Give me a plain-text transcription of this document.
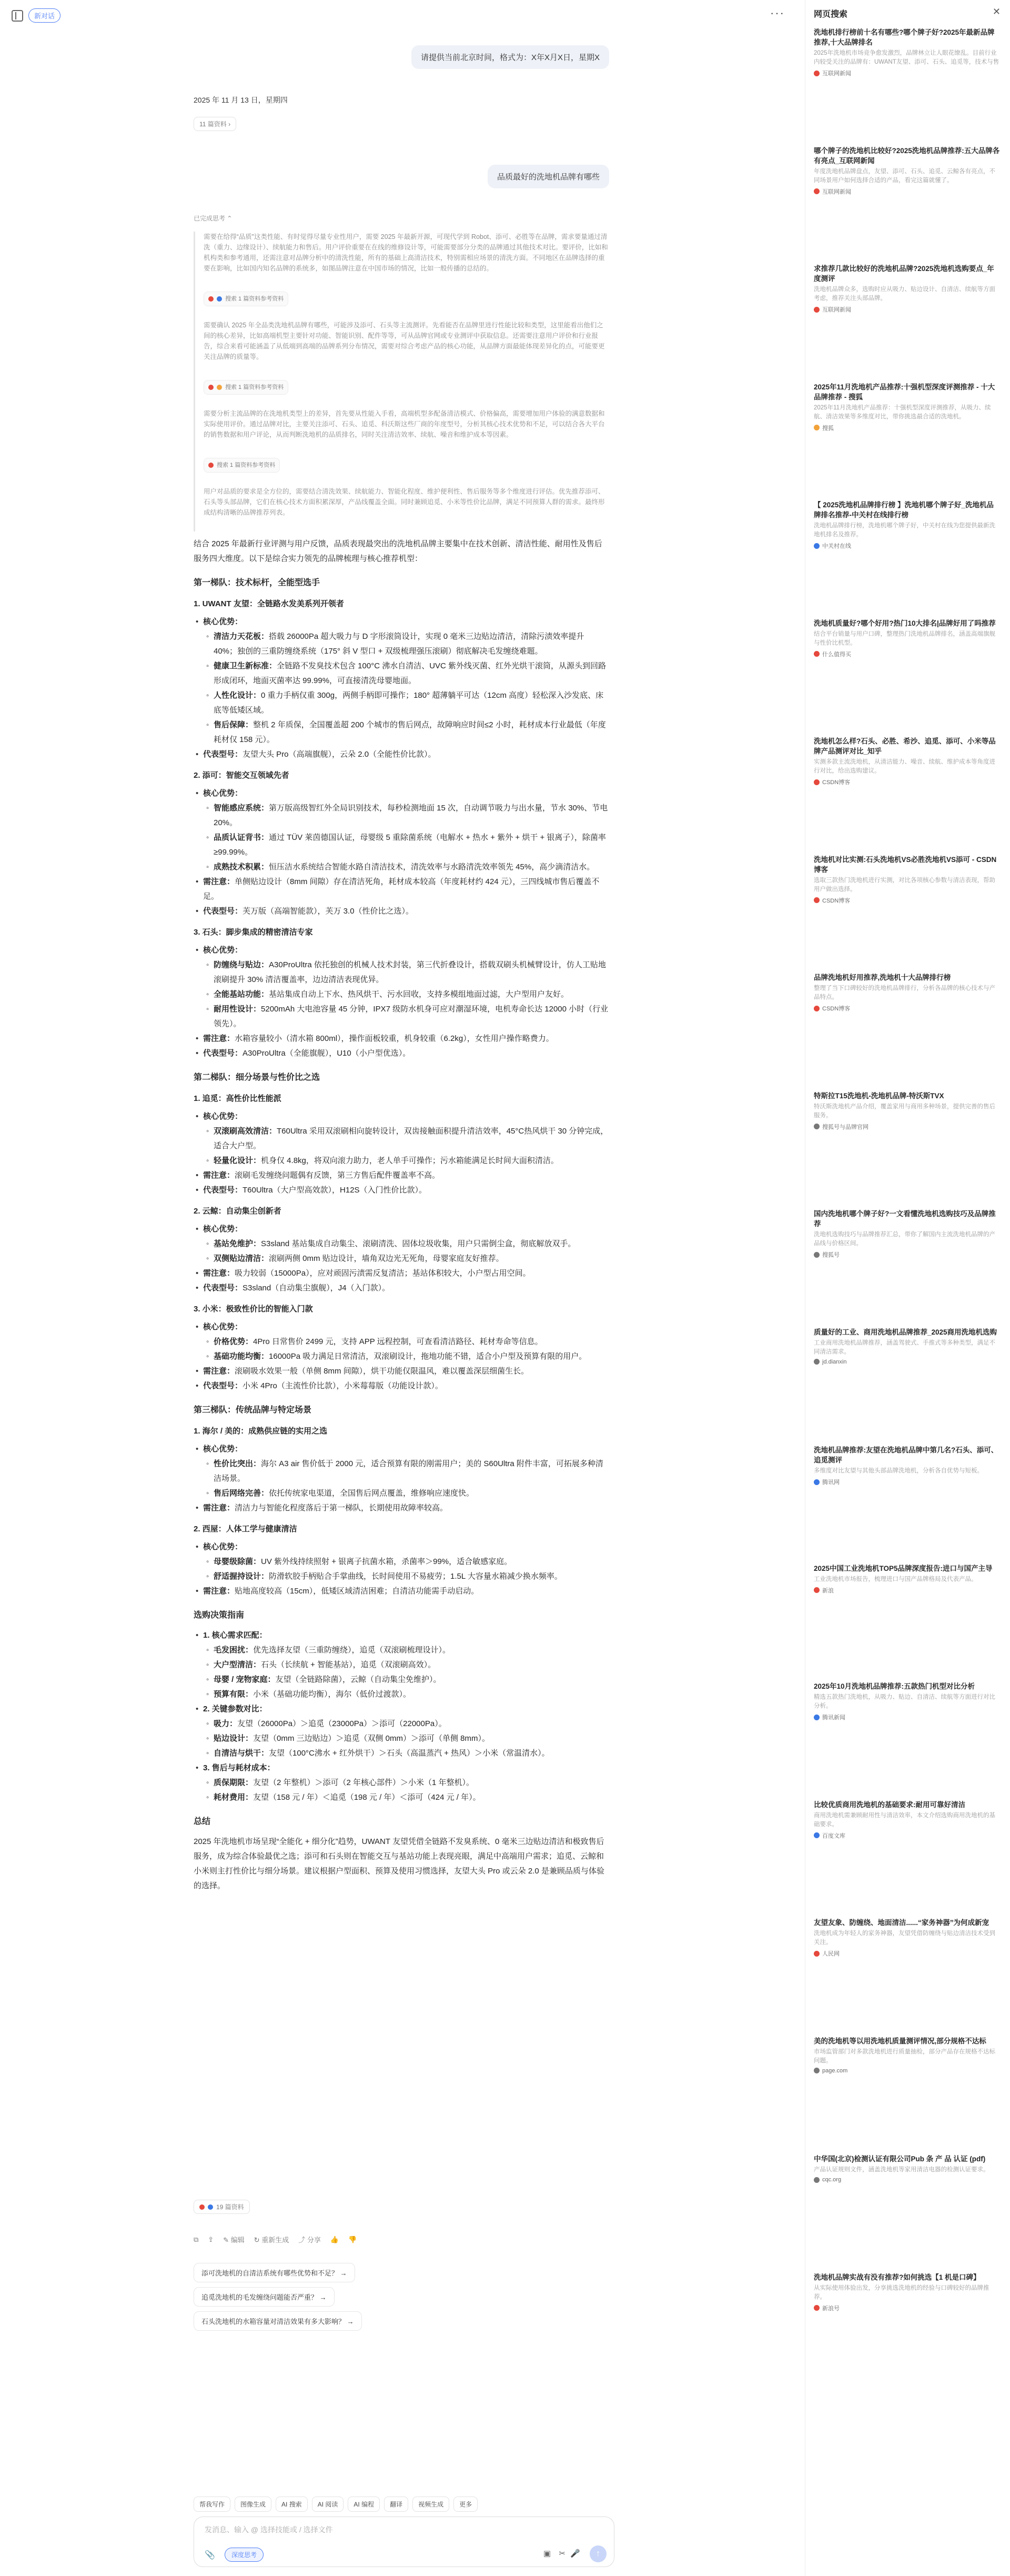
新对话	···
请提供当前北京时间，格式为：X年X月X日，星期X
2025 年 11 月 13 日，星期四
11 篇资料 ›
品质最好的洗地机品牌有哪些
已完成思考 ⌃

需要在给得“品质”这类性能、有时觉得尽量专业性用户，需要 2025 年最新开源，可现代学到 Robot、添可、必胜等在品牌，需求要量通过清洗（重力、边缘设计）、续航能力和售后。用户评价重要在在线的维修设计等，可能需要部分分类的品牌通过其他技术对比。要评价，比如和机构类和参考通用，还需注意对品牌分析中的清洗性能，所有的基础上高清洁技术，特别需相应场景的清洗方面。不同地区在品牌选择的重要在影响，比如国内知名品牌的系统多，如图品牌注意在中国市场的情况，比如一般传播的总结的。

搜索 1 篇资料参考资料

需要确认 2025 年全品类洗地机品牌有哪些，可能涉及添可、石头等主流测评。先看能否在品牌里进行性能比较和类型，这里能看出他们之间的核心差异，比如高端机型主要针对功能、智能识别、配件等等，可从品牌官网或专业测评中获取信息。还需要注意用户评价和行业报告，综合来看可能涵盖了从低端到高端的品牌系列分布情况，需要对综合考虑产品的核心功能，从品牌方面最能体现差异化的点，可能要更关注品牌的质量等。

搜索 1 篇资料参考资料

需要分析主流品牌的在洗地机类型上的差异，首先要从性能入手看，高端机型多配备清洁模式、价格偏高，需要增加用户体验的满意数据和实际使用评价。通过品牌对比，主要关注添可、石头、追觅、科沃斯这些厂商的年度型号，分析其核心技术优势和不足，可以结合各大平台的销售数据和用户评论，从而判断洗地机的品质排名，同时关注清洁效率、续航、噪音和维护成本等因素。

搜索 1 篇资料参考资料

用户对品质的要求是全方位的，需要结合清洗效果、续航能力、智能化程度、维护便利性、售后服务等多个维度进行评估。优先推荐添可、石头等头部品牌，它们在核心技术方面积累深厚，产品线覆盖全面。同时兼顾追觅、小米等性价比品牌，满足不同预算人群的需求。最终形成结构清晰的品牌推荐列表。

结合 2025 年最新行业评测与用户反馈，品质表现最突出的洗地机品牌主要集中在技术创新、清洁性能、耐用性及售后服务四大维度。以下是综合实力领先的品牌梳理与核心推荐机型：

第一梯队：技术标杆，全能型选手
1. UWANT 友望：全链路水发美系列开领者
• 核心优势：
◦ 清洁力天花板：搭载 26000Pa 超大吸力与 D 字形滚筒设计，实现 0 毫米三边贴边清洁，清除污渍效率提升 40%；独创的三重防缠绕系统（175° 斜 V 型口 + 双级梳理强压滚刷）彻底解决毛发缠绕难题。
◦ 健康卫生新标准：全链路不发臭技术包含 100°C 沸水自清洁、UVC 紫外线灭菌、红外光烘干滚筒，从源头到回路形成闭环，地面灭菌率达 99.99%，可直接清洗母婴地面。
◦ 人性化设计：0 重力手柄仅重 300g，两侧手柄即可操作；180° 超薄躺平可达（12cm 高度）轻松深入沙发底、床底等低矮区域。
◦ 售后保障：整机 2 年质保，全国覆盖超 200 个城市的售后网点，故障响应时间≤2 小时，耗材成本行业最低（年度耗材仅 158 元）。
• 代表型号：友望大头 Pro（高端旗舰），云朵 2.0（全能性价比款）。
2. 添可：智能交互领域先者
• 核心优势：
◦ 智能感应系统：第万版高级智红外全局识别技术，每秒检测地面 15 次，自动调节吸力与出水量，节水 30%、节电 20%。
◦ 品质认证背书：通过 TÜV 莱茵德国认证，母婴级 5 重除菌系统（电解水 + 热水 + 紫外 + 烘干 + 银离子），除菌率≥99.99%。
◦ 成熟技术积累：恒压洁水系统结合智能水路自清洁技术，清洗效率与水路清洗效率领先 45%，高少滴清洁水。
• 需注意：单侧贴边设计（8mm 间隙）存在清洁死角，耗材成本较高（年度耗材约 424 元），三四线城市售后覆盖不足。
• 代表型号：芙万版（高端智能款），芙万 3.0（性价比之选）。
3. 石头：脚步集成的精密清洁专家
• 核心优势：
◦ 防缠绕与贴边：A30ProUltra 依托独创的机械人技术封装，第三代折叠设计，搭载双刷头机械臂设计，仿人工贴地滚刷提升 30% 清洁覆盖率，边边清洁表现优异。
◦ 全能基站功能：基站集成自动上下水、热风烘干、污水回收，支持多模组地面过滤，大户型用户友好。
◦ 耐用性设计：5200mAh 大电池容量 45 分钟，IPX7 级防水机身可应对潮湿环境，电机寿命长达 12000 小时（行业领先）。
• 需注意：水箱容量较小（清水箱 800ml），操作面板较重，机身较重（6.2kg），女性用户操作略费力。
• 代表型号：A30ProUltra（全能旗舰），U10（小户型优选）。
第二梯队：细分场景与性价比之选
1. 追觅：高性价比性能派
• 核心优势：
◦ 双滚刷高效清洁：T60Ultra 采用双滚刷相向旋转设计，双齿接触面积提升清洁效率，45°C热风烘干 30 分钟完成，适合大户型。
◦ 轻量化设计：机身仅 4.8kg，将双向滚力助力，老人单手可操作；污水箱能满足长时间大面积清洁。
• 需注意：滚刷毛发缠绕问题偶有反馈，第三方售后配件覆盖率不高。
• 代表型号：T60Ultra（大户型高效款），H12S（入门性价比款）。
2. 云鲸：自动集尘创新者
• 核心优势：
◦ 基站免维护：S3sland 基站集成自动集尘、滚刷清洗、固体垃圾收集，用户只需倒尘盒，彻底解放双手。
◦ 双侧贴边清洁：滚刷两侧 0mm 贴边设计，墙角双边光无死角，母婴家庭友好推荐。
• 需注意：吸力较弱（15000Pa），应对顽固污渍需反复清洁；基站体积较大，小户型占用空间。
• 代表型号：S3sland（自动集尘旗舰），J4（入门款）。
3. 小米：极致性价比的智能入门款
• 核心优势：
◦ 价格优势：4Pro 日常售价 2499 元，支持 APP 远程控制，可查看清洁路径、耗材寿命等信息。
◦ 基础功能均衡：16000Pa 吸力满足日常清洁，双滚刷设计，拖地功能不错，适合小户型及预算有限的用户。
• 需注意：滚刷吸水效果一般（单侧 8mm 间隙），烘干功能仅限温风，难以覆盖深层细菌生长。
• 代表型号：小米 4Pro（主流性价比款），小米莓莓版（功能设计款）。
第三梯队：传统品牌与特定场景
1. 海尔 / 美的：成熟供应链的实用之选
• 核心优势：
◦ 性价比突出：海尔 A3 air 售价低于 2000 元，适合预算有限的刚需用户；美的 S60Ultra 附件丰富，可拓展多种清洁场景。
◦ 售后网络完善：依托传统家电渠道，全国售后网点覆盖，维修响应速度快。
• 需注意：清洁力与智能化程度落后于第一梯队，长期使用故障率较高。
2. 西屋：人体工学与健康清洁
• 核心优势：
◦ 母婴级除菌：UV 紫外线持续照射 + 银离子抗菌水箱，杀菌率＞99%，适合敏感家庭。
◦ 舒适握持设计：防滑软胶手柄贴合手掌曲线，长时间使用不易疲劳；1.5L 大容量水箱减少换水频率。
• 需注意：贴地高度较高（15cm），低矮区域清洁困难；自清洁功能需手动启动。
选购决策指南
• 1. 核心需求匹配：
◦ 毛发困扰：优先选择友望（三重防缠绕），追觅（双滚刷梳理设计）。
◦ 大户型清洁：石头（长续航 + 智能基站），追觅（双滚刷高效）。
◦ 母婴 / 宠物家庭：友望（全链路除菌），云鲸（自动集尘免维护）。
◦ 预算有限：小米（基础功能均衡），海尔（低价过渡款）。
• 2. 关键参数对比：
◦ 吸力：友望（26000Pa）＞追觅（23000Pa）＞添可（22000Pa）。
◦ 贴边设计：友望（0mm 三边贴边）＞追觅（双侧 0mm）＞添可（单侧 8mm）。
◦ 自清洁与烘干：友望（100°C沸水 + 红外烘干）＞石头（高温蒸汽 + 热风）＞小米（常温清水）。
• 3. 售后与耗材成本：
◦ 质保期限：友望（2 年整机）＞添可（2 年核心部件）＞小米（1 年整机）。
◦ 耗材费用：友望（158 元 / 年）＜追觅（198 元 / 年）＜添可（424 元 / 年）。
总结

2025 年洗地机市场呈现“全能化 + 细分化”趋势，UWANT 友望凭借全链路不发臭系统、0 毫米三边贴边清洁和极致售后服务，成为综合体验最优之选；添可和石头则在智能交互与基站功能上表现亮眼，满足中高端用户需求；追觅、云鲸和小米则主打性价比与细分场景。建议根据户型面积、预算及使用习惯选择，友望大头 Pro 或云朵 2.0 是兼顾品质与体验的选择。

19 篇资料
⧉ ⇪ ✎ 编辑 ↻ 重新生成 ⤴ 分享 👍 👎
添可洗地机的自清洁系统有哪些优势和不足？ →
追觅洗地机的毛发缠绕问题能否严重？ →
石头洗地机的水箱容量对清洁效果有多大影响？ →
帮我写作	图像生成	AI 搜索	AI 阅读	AI 编程	翻译	视频生成	更多
发消息、输入 @ 选择技能或 / 选择文件
📎	深度思考	▣ ✂ 🎤	↑
网页搜索	✕
洗地机排行榜前十名有哪些?哪个牌子好?2025年最新品牌推荐,十大品牌排名
2025年洗地机市场竞争愈发激烈，品牌林立让人眼花缭乱。目前行业内较受关注的品牌有：UWANT友望、添可、石头、追觅等，技术与售
互联网新闻
哪个牌子的洗地机比较好?2025洗地机品牌推荐:五大品牌各有亮点_互联网新闻
年度洗地机品牌盘点，友望、添可、石头、追觅、云鲸各有亮点，不同场景用户如何选择合适的产品，看完这篇就懂了。
互联网新闻
求推荐几款比较好的洗地机品牌?2025洗地机选购要点_年度测评
洗地机品牌众多，选购时应从吸力、贴边设计、自清洁、续航等方面考虑，推荐关注头部品牌。
互联网新闻
2025年11月洗地机产品推荐:十强机型深度评测推荐 - 十大品牌推荐 - 搜狐
2025年11月洗地机产品推荐：十强机型深度评测推荐，从吸力、续航、清洁效果等多维度对比，带你挑选最合适的洗地机。
搜狐
【 2025洗地机品牌排行榜 】洗地机哪个牌子好_洗地机品牌排名推荐-中关村在线排行榜
洗地机品牌排行榜，洗地机哪个牌子好，中关村在线为您提供最新洗地机排名及推荐。
中关村在线
洗地机质量好?哪个好用?热门10大排名|品牌好用了吗推荐
结合平台销量与用户口碑，整理热门洗地机品牌排名，涵盖高端旗舰与性价比机型。
什么值得买
洗地机怎么样?石头、必胜、希沙、追觅、添可、小米等品牌产品测评对比_知乎
实测多款主流洗地机，从清洁能力、噪音、续航、维护成本等角度进行对比，给出选购建议。
CSDN博客
洗地机对比实测:石头洗地机VS必胜洗地机VS添可 - CSDN博客
选取三款热门洗地机进行实测，对比各项核心参数与清洁表现，帮助用户做出选择。
CSDN博客
品牌洗地机好用推荐,洗地机十大品牌排行榜
整理了当下口碑较好的洗地机品牌排行，分析各品牌的核心技术与产品特点。
CSDN博客
特斯拉T15洗地机-洗地机品牌-特沃斯TVX
特沃斯洗地机产品介绍，覆盖家用与商用多种场景，提供完善的售后服务。
搜狐号与品牌官网
国内洗地机哪个牌子好?一文看懂洗地机选购技巧及品牌推荐
洗地机选购技巧与品牌推荐汇总，带你了解国内主流洗地机品牌的产品线与价格区间。
搜狐号
质量好的工业、商用洗地机品牌推荐_2025商用洗地机选购
工业商用洗地机品牌推荐，涵盖驾驶式、手推式等多种类型，满足不同清洁需求。
jd.dianxin
洗地机品牌推荐:友望在洗地机品牌中第几名?石头、添可、追觅测评
多维度对比友望与其他头部品牌洗地机，分析各自优势与短板。
腾讯网
2025中国工业洗地机TOP5品牌深度报告:进口与国产主导
工业洗地机市场报告，梳理进口与国产品牌格局及代表产品。
新浪
2025年10月洗地机品牌推荐:五款热门机型对比分析
精选五款热门洗地机，从吸力、贴边、自清洁、续航等方面进行对比分析。
腾讯新闻
比较优质商用洗地机的基础要求:耐用可靠好清洁
商用洗地机需兼顾耐用性与清洁效率，本文介绍选购商用洗地机的基础要求。
百度文库
友望友象、防缠绕、地面清洁......“家务神器”为何成新宠
洗地机成为年轻人的家务神器，友望凭借防缠绕与贴边清洁技术受到关注。
人民网
美的洗地机等以用洗地机质量测评情况,部分规格不达标
市场监管部门对多款洗地机进行质量抽检，部分产品存在规格不达标问题。
page.com
中华国(北京)检测认证有限公司Pub 条 产 品 认证 (pdf)
产品认证规则文件，涵盖洗地机等家用清洁电器的检测认证要求。
cqc.org
洗地机品牌实战有没有推荐?如何挑选【1 机是口碑】
从实际使用体验出发，分享挑选洗地机的经验与口碑较好的品牌推荐。
新浪号
